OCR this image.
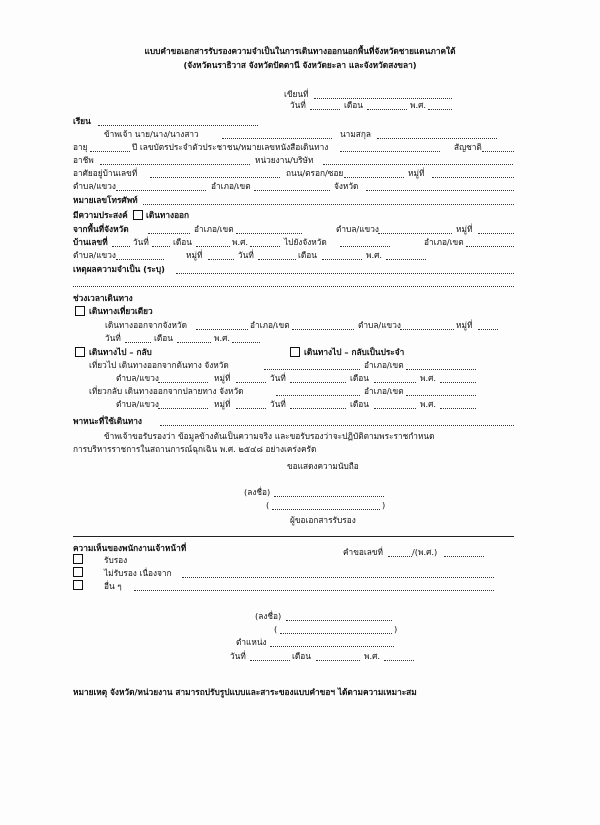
แบบคำขอเอกสารรับรองความจำเป็นในการเดินทางออกนอกพื้นที่จังหวัดชายแดนภาคใต้
(จังหวัดนราธิวาส จังหวัดปัตตานี จังหวัดยะลา และจังหวัดสงขลา)
เขียนที่
วันที่	เดือน	พ.ศ.
เรียน
ข้าพเจ้า นาย/นาง/นางสาว	นามสกุล
อายุ	ปี เลขบัตรประจำตัวประชาชน/หมายเลขหนังสือเดินทาง	สัญชาติ
อาชีพ	หน่วยงาน/บริษัท
อาศัยอยู่บ้านเลขที่	ถนน/ตรอก/ซอย	หมู่ที่
ตำบล/แขวง	อำเภอ/เขต	จังหวัด
หมายเลขโทรศัพท์
มีความประสงค์ เดินทางออก
จากพื้นที่จังหวัด	อำเภอ/เขต	ตำบล/แขวง	หมู่ที่
บ้านเลขที่	วันที่	เดือน	พ.ศ.	ไปยังจังหวัด	อำเภอ/เขต
ตำบล/แขวง	หมู่ที่	วันที่	เดือน	พ.ศ.
เหตุผลความจำเป็น (ระบุ)
ช่วงเวลาเดินทาง
เดินทางเที่ยวเดียว
เดินทางออกจากจังหวัด	อำเภอ/เขต	ตำบล/แขวง	หมู่ที่
วันที่	เดือน	พ.ศ.
เดินทางไป – กลับ	เดินทางไป – กลับเป็นประจำ
เที่ยวไป เดินทางออกจากต้นทาง จังหวัด	อำเภอ/เขต
ตำบล/แขวง	หมู่ที่	วันที่	เดือน	พ.ศ.
เที่ยวกลับ เดินทางออกจากปลายทาง จังหวัด	อำเภอ/เขต
ตำบล/แขวง	หมู่ที่	วันที่	เดือน	พ.ศ.
พาหนะที่ใช้เดินทาง
ข้าพเจ้าขอรับรองว่า ข้อมูลข้างต้นเป็นความจริง และขอรับรองว่าจะปฏิบัติตามพระราชกำหนด
การบริหารราชการในสถานการณ์ฉุกเฉิน พ.ศ. ๒๕๔๘ อย่างเคร่งครัด
ขอแสดงความนับถือ
(ลงชื่อ)
(	)
ผู้ขอเอกสารรับรอง
ความเห็นของพนักงานเจ้าหน้าที่	คำขอเลขที่	/(พ.ศ.)
รับรอง
ไม่รับรอง เนื่องจาก
อื่น ๆ
(ลงชื่อ)
(	)
ตำแหน่ง
วันที่	เดือน	พ.ศ.
หมายเหตุ จังหวัด/หน่วยงาน สามารถปรับรูปแบบและสาระของแบบคำขอฯ ได้ตามความเหมาะสม
